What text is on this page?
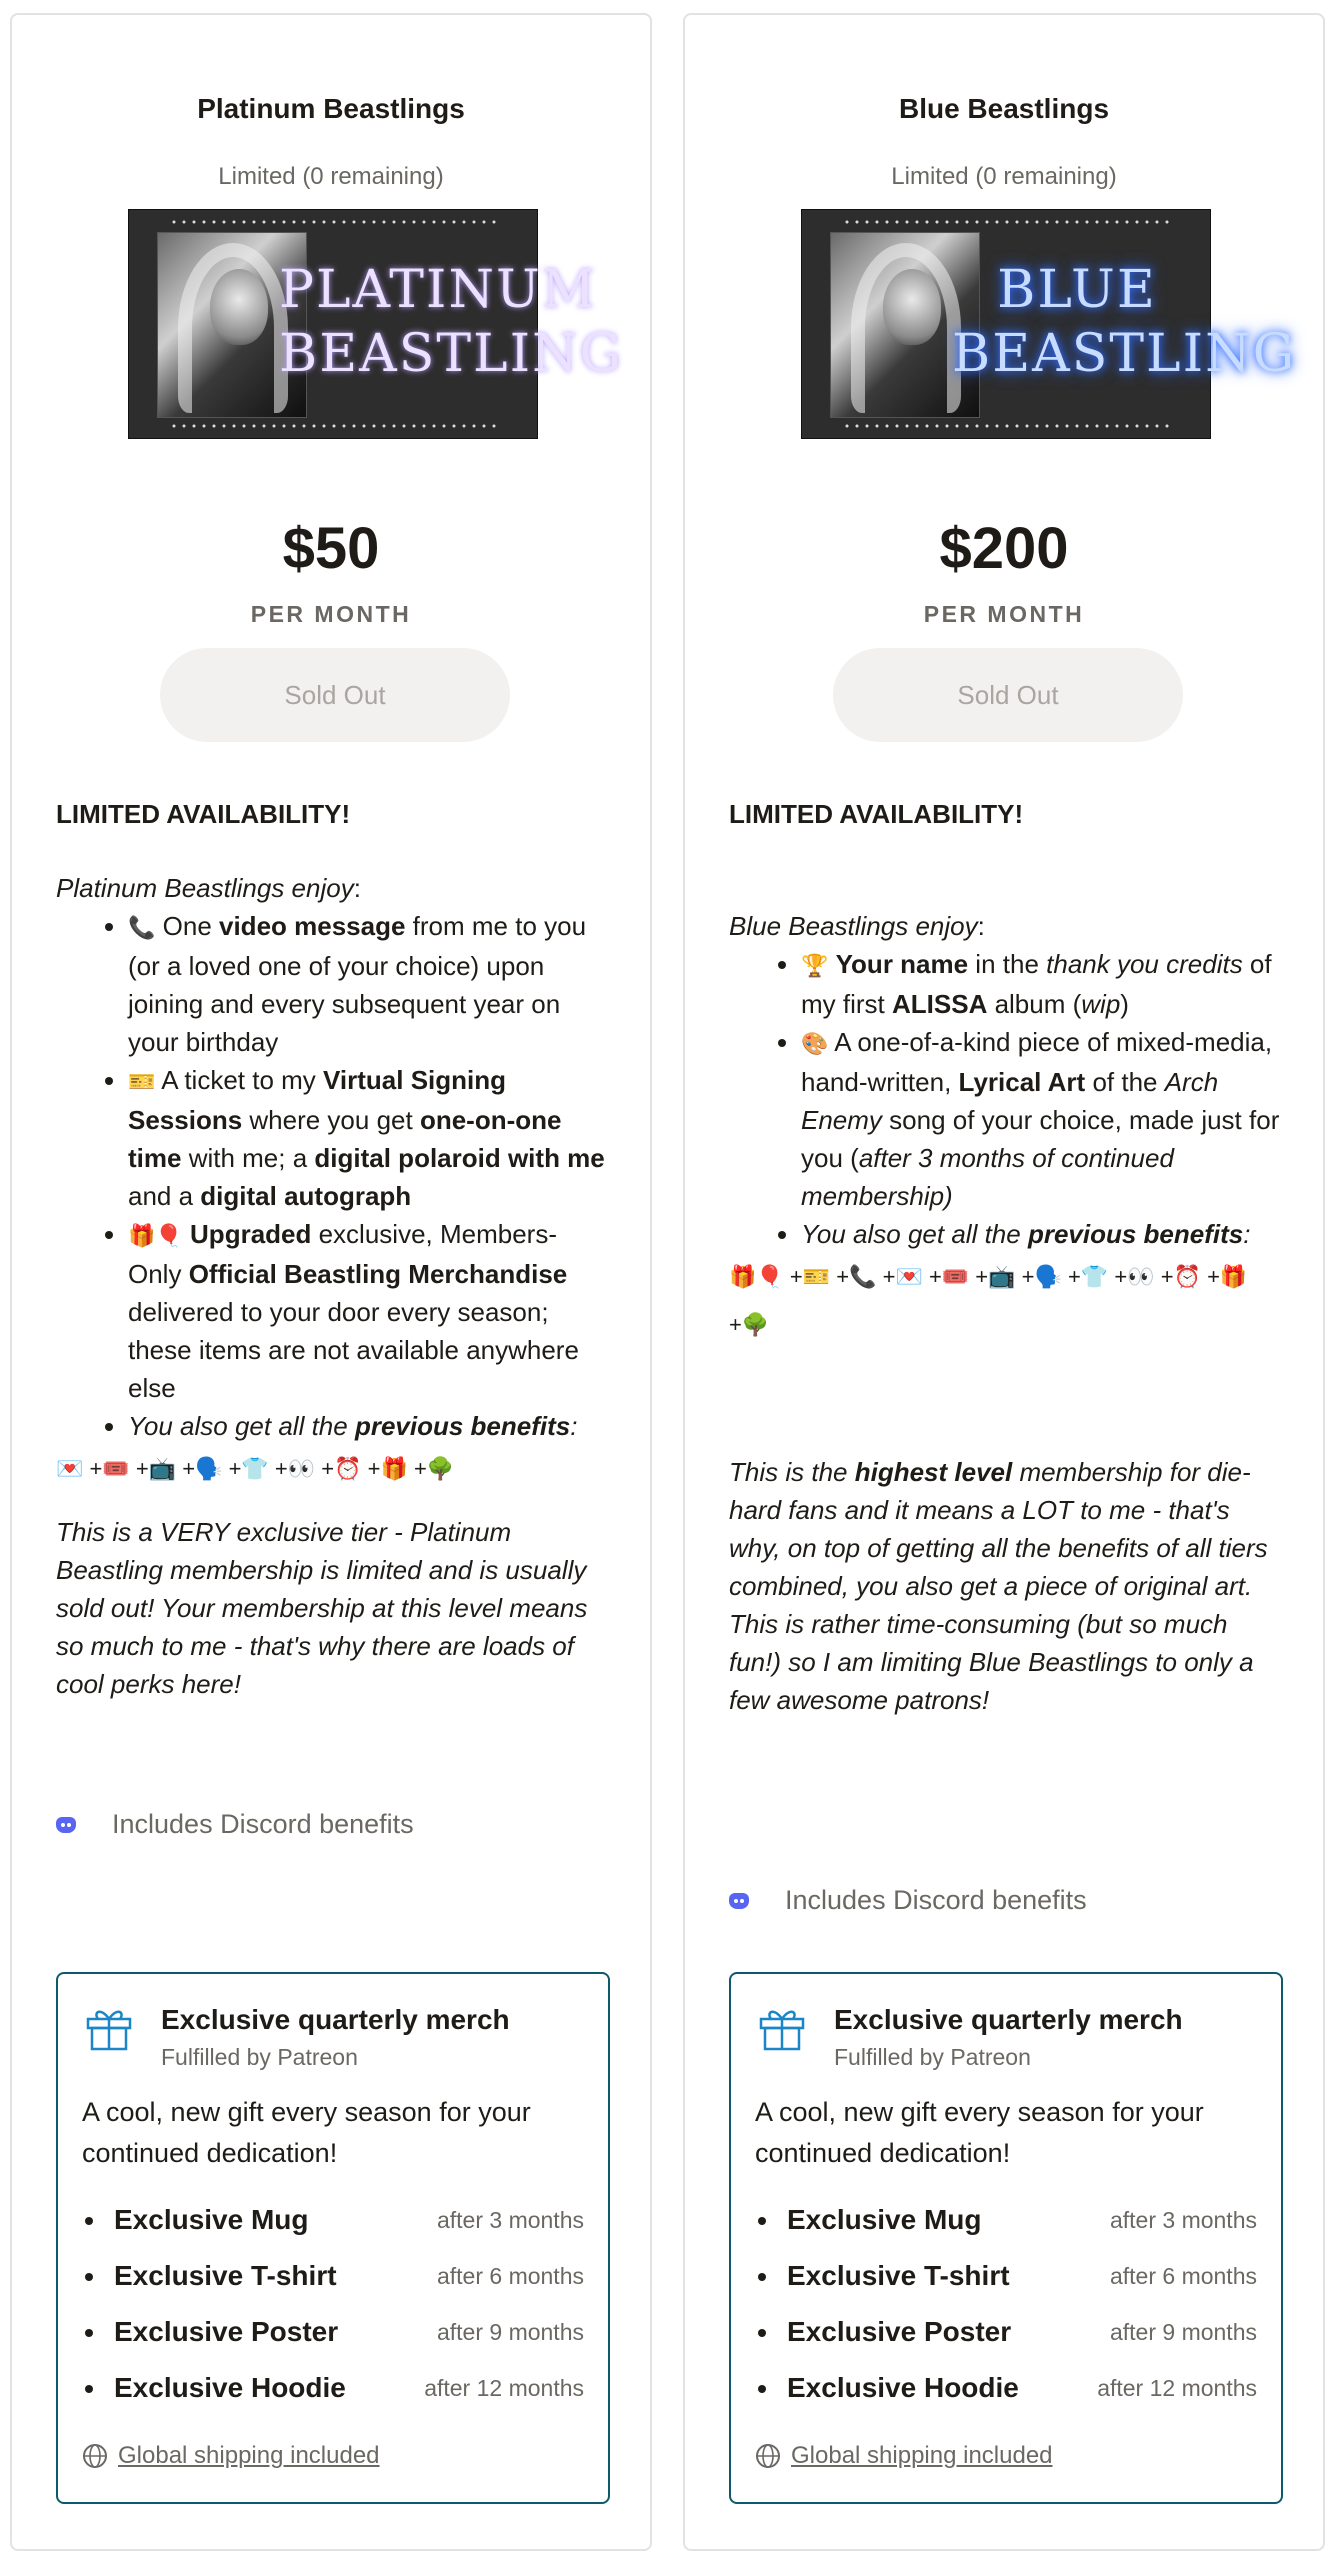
Platinum Beastlings
Limited (0 remaining)
PLATINUM
BEASTLING
$50
PER MONTH
Sold Out

LIMITED AVAILABILITY!

Platinum Beastlings enjoy:

• 📞 One video message from me to you (or a loved one of your choice) upon joining and every subsequent year on your birthday
• 🎫 A ticket to my Virtual Signing Sessions where you get one-on-one time with me; a digital polaroid with me and a digital autograph
• 🎁🎈 Upgraded exclusive, Members-Only Official Beastling Merchandise delivered to your door every season; these items are not available anywhere else
• You also get all the previous benefits:

💌 +🎟️ +📺 +🗣️ +👕 +👀 +⏰ +🎁 +🌳

This is a VERY exclusive tier - Platinum Beastling membership is limited and is usually sold out! Your membership at this level means so much to me - that's why there are loads of cool perks here!
Includes Discord benefits
Exclusive quarterly merch
Fulfilled by Patreon
A cool, new gift every season for your continued dedication!
Exclusive Mug	after 3 months
Exclusive T-shirt	after 6 months
Exclusive Poster	after 9 months
Exclusive Hoodie	after 12 months
Global shipping included
Blue Beastlings
Limited (0 remaining)
BLUE
BEASTLING
$200
PER MONTH
Sold Out

LIMITED AVAILABILITY!

Blue Beastlings enjoy:

• 🏆 Your name in the thank you credits of my first ALISSA album (wip)
• 🎨 A one-of-a-kind piece of mixed-media, hand-written, Lyrical Art of the Arch Enemy song of your choice, made just for you (after 3 months of continued membership)
• You also get all the previous benefits:

🎁🎈 +🎫 +📞 +💌 +🎟️ +📺 +🗣️ +👕 +👀 +⏰ +🎁 +🌳

This is the highest level membership for die-hard fans and it means a LOT to me - that's why, on top of getting all the benefits of all tiers combined, you also get a piece of original art. This is rather time-consuming (but so much fun!) so I am limiting Blue Beastlings to only a few awesome patrons!
Includes Discord benefits
Exclusive quarterly merch
Fulfilled by Patreon
A cool, new gift every season for your continued dedication!
Exclusive Mug	after 3 months
Exclusive T-shirt	after 6 months
Exclusive Poster	after 9 months
Exclusive Hoodie	after 12 months
Global shipping included
